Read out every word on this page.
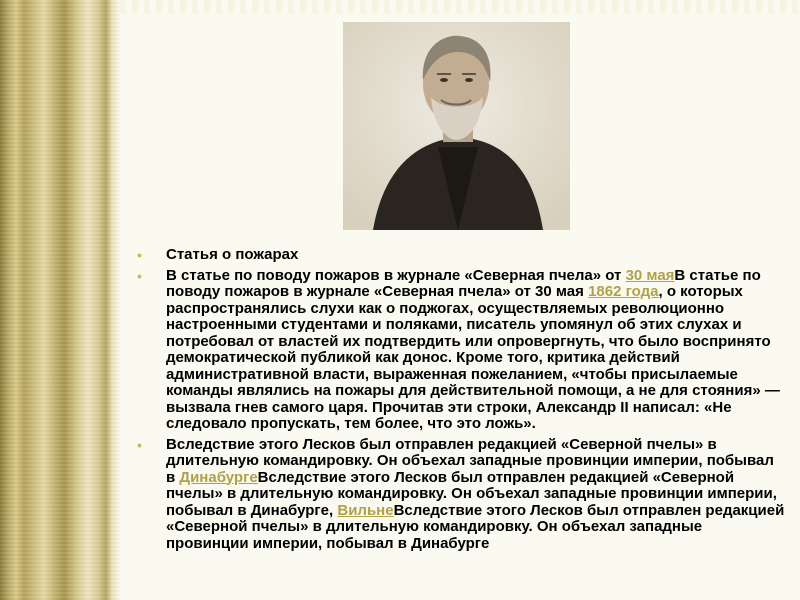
• Статья о пожарах
• В статье по поводу пожаров в журнале «Северная пчела» от 30 маяВ статье по поводу пожаров в журнале «Северная пчела» от 30 мая 1862 года, о которых распространялись слухи как о поджогах, осуществляемых революционно настроенными студентами и поляками, писатель упомянул об этих слухах и потребовал от властей их подтвердить или опровергнуть, что было воспринято демократической публикой как донос. Кроме того, критика действий административной власти, выраженная пожеланием, «чтобы присылаемые команды являлись на пожары для действительной помощи, а не для стояния» — вызвала гнев самого царя. Прочитав эти строки, Александр II написал: «Не следовало пропускать, тем более, что это ложь».
• Вследствие этого Лесков был отправлен редакцией «Северной пчелы» в длительную командировку. Он объехал западные провинции империи, побывал в ДинабургеВследствие этого Лесков был отправлен редакцией «Северной пчелы» в длительную командировку. Он объехал западные провинции империи, побывал в Динабурге, ВильнеВследствие этого Лесков был отправлен редакцией «Северной пчелы» в длительную командировку. Он объехал западные провинции империи, побывал в Динабурге
